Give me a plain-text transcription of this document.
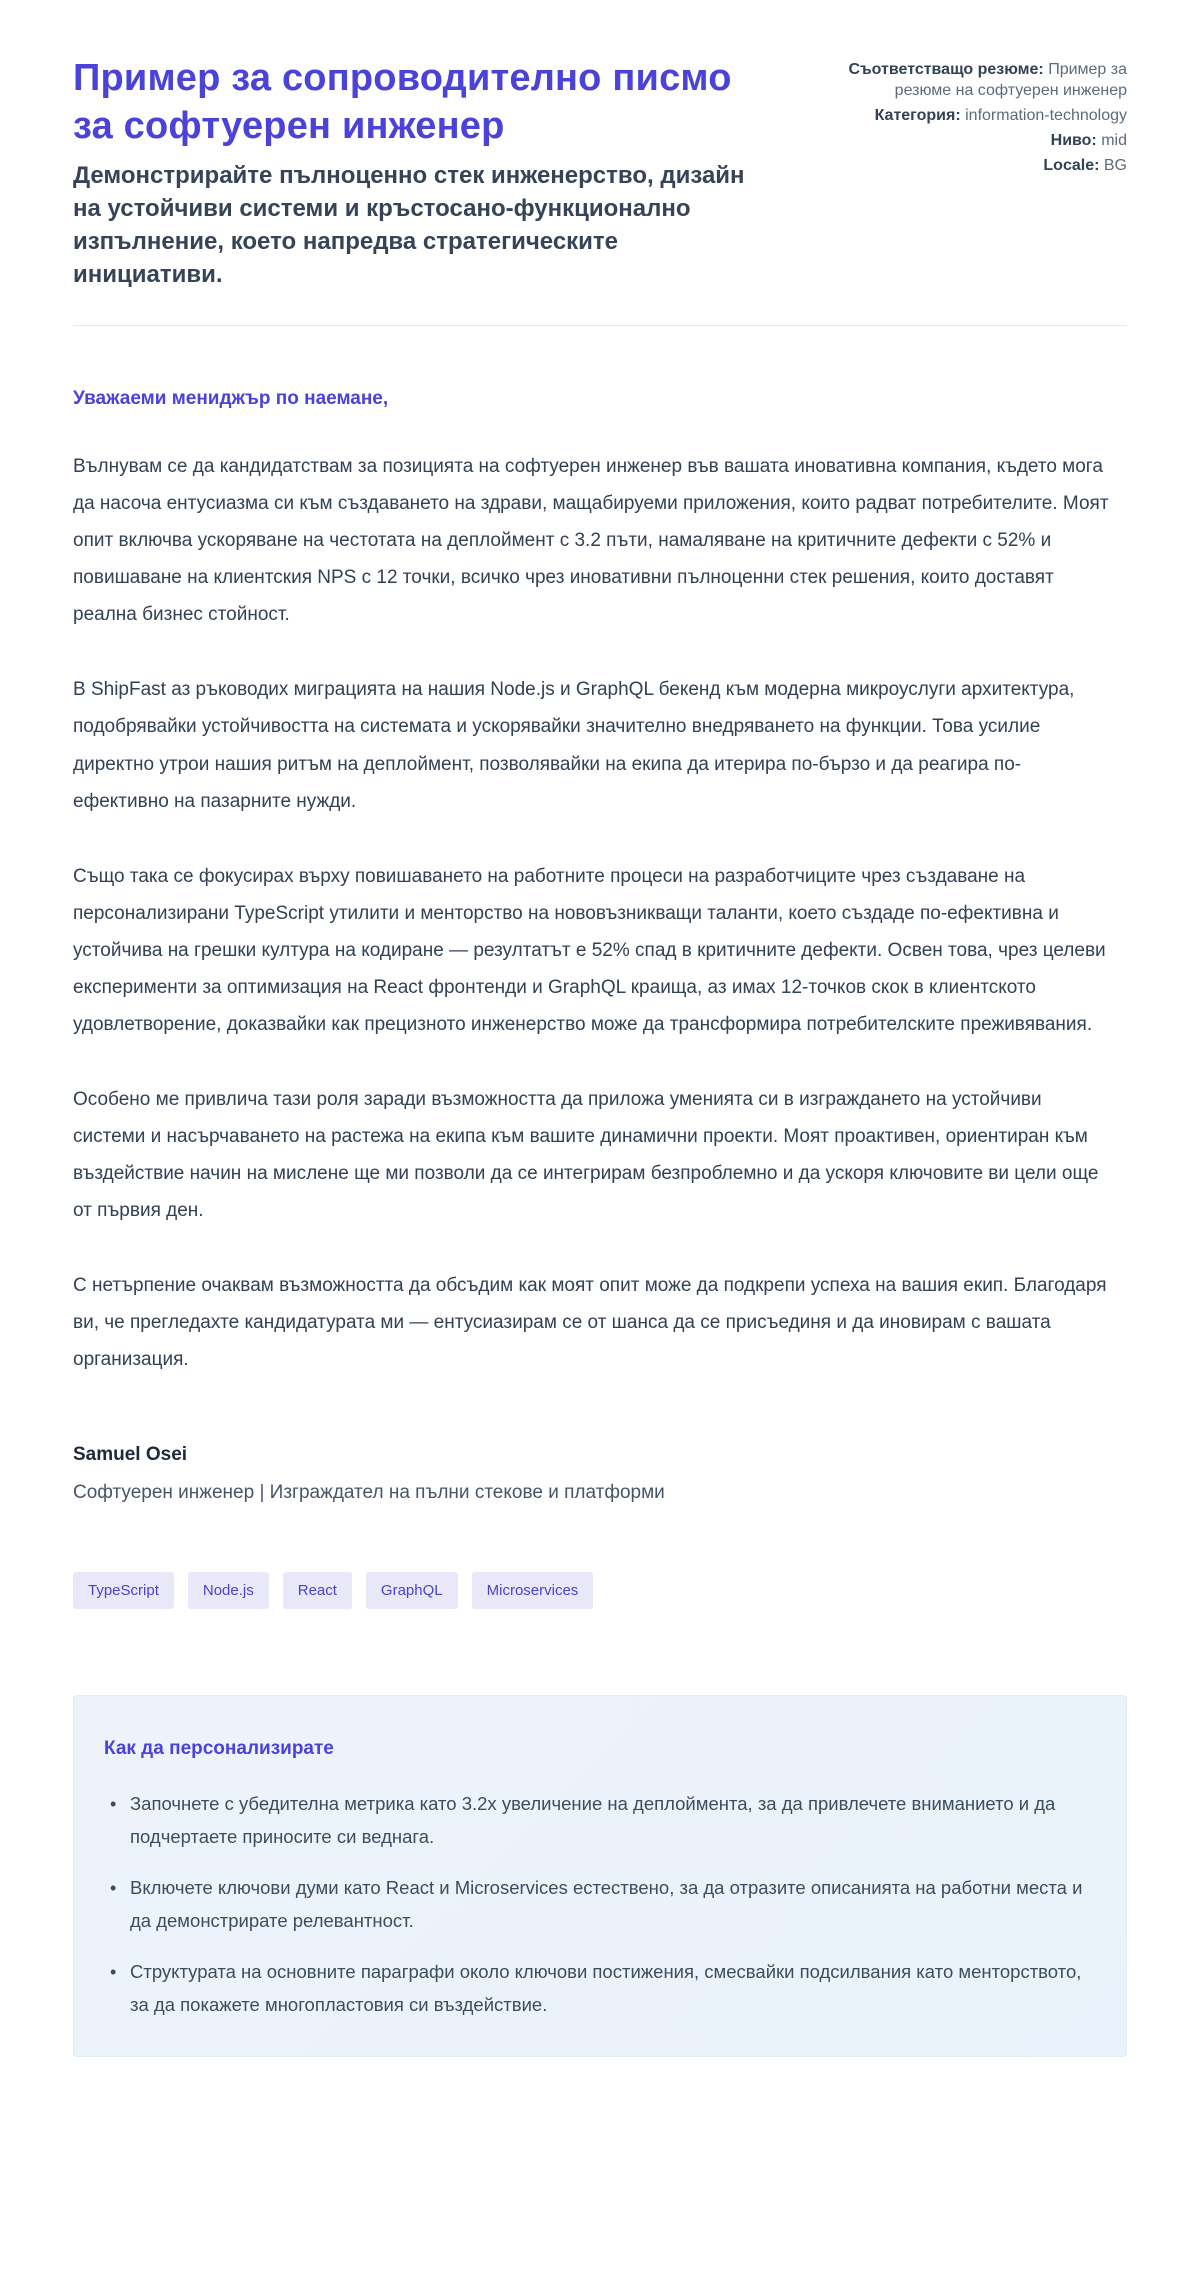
Пример за сопроводително писмо за софтуерен инженер

Демонстрирайте пълноценно стек инженерство, дизайн на устойчиви системи и кръстосано-функционално изпълнение, което напредва стратегическите инициативи.

Съответстващо резюме: Пример за резюме на софтуерен инженер
Категория: information-technology
Ниво: mid
Locale: BG

Уважаеми мениджър по наемане,

Вълнувам се да кандидатствам за позицията на софтуерен инженер във вашата иновативна компания, където мога да насоча ентусиазма си към създаването на здрави, мащабируеми приложения, които радват потребителите. Моят опит включва ускоряване на честотата на деплоймент с 3.2 пъти, намаляване на критичните дефекти с 52% и повишаване на клиентския NPS с 12 точки, всичко чрез иновативни пълноценни стек решения, които доставят реална бизнес стойност.

В ShipFast аз ръководих миграцията на нашия Node.js и GraphQL бекенд към модерна микроуслуги архитектура, подобрявайки устойчивостта на системата и ускорявайки значително внедряването на функции. Това усилие директно утрои нашия ритъм на деплоймент, позволявайки на екипа да итерира по-бързо и да реагира по-ефективно на пазарните нужди.

Също така се фокусирах върху повишаването на работните процеси на разработчиците чрез създаване на персонализирани TypeScript утилити и менторство на нововъзникващи таланти, което създаде по-ефективна и устойчива на грешки култура на кодиране — резултатът е 52% спад в критичните дефекти. Освен това, чрез целеви експерименти за оптимизация на React фронтенди и GraphQL краища, аз имах 12-точков скок в клиентското удовлетворение, доказвайки как прецизното инженерство може да трансформира потребителските преживявания.

Особено ме привлича тази роля заради възможността да приложа уменията си в изграждането на устойчиви системи и насърчаването на растежа на екипа към вашите динамични проекти. Моят проактивен, ориентиран към въздействие начин на мислене ще ми позволи да се интегрирам безпроблемно и да ускоря ключовите ви цели още от първия ден.

С нетърпение очаквам възможността да обсъдим как моят опит може да подкрепи успеха на вашия екип. Благодаря ви, че прегледахте кандидатурата ми — ентусиазирам се от шанса да се присъединя и да иновирам с вашата организация.

Samuel Osei

Софтуерен инженер | Изграждател на пълни стекове и платформи

TypeScript	Node.js	React	GraphQL	Microservices
Как да персонализирате
• Започнете с убедителна метрика като 3.2x увеличение на деплоймента, за да привлечете вниманието и да подчертаете приносите си веднага.
• Включете ключови думи като React и Microservices естествено, за да отразите описанията на работни места и да демонстрирате релевантност.
• Структурата на основните параграфи около ключови постижения, смесвайки подсилвания като менторството, за да покажете многопластовия си въздействие.
